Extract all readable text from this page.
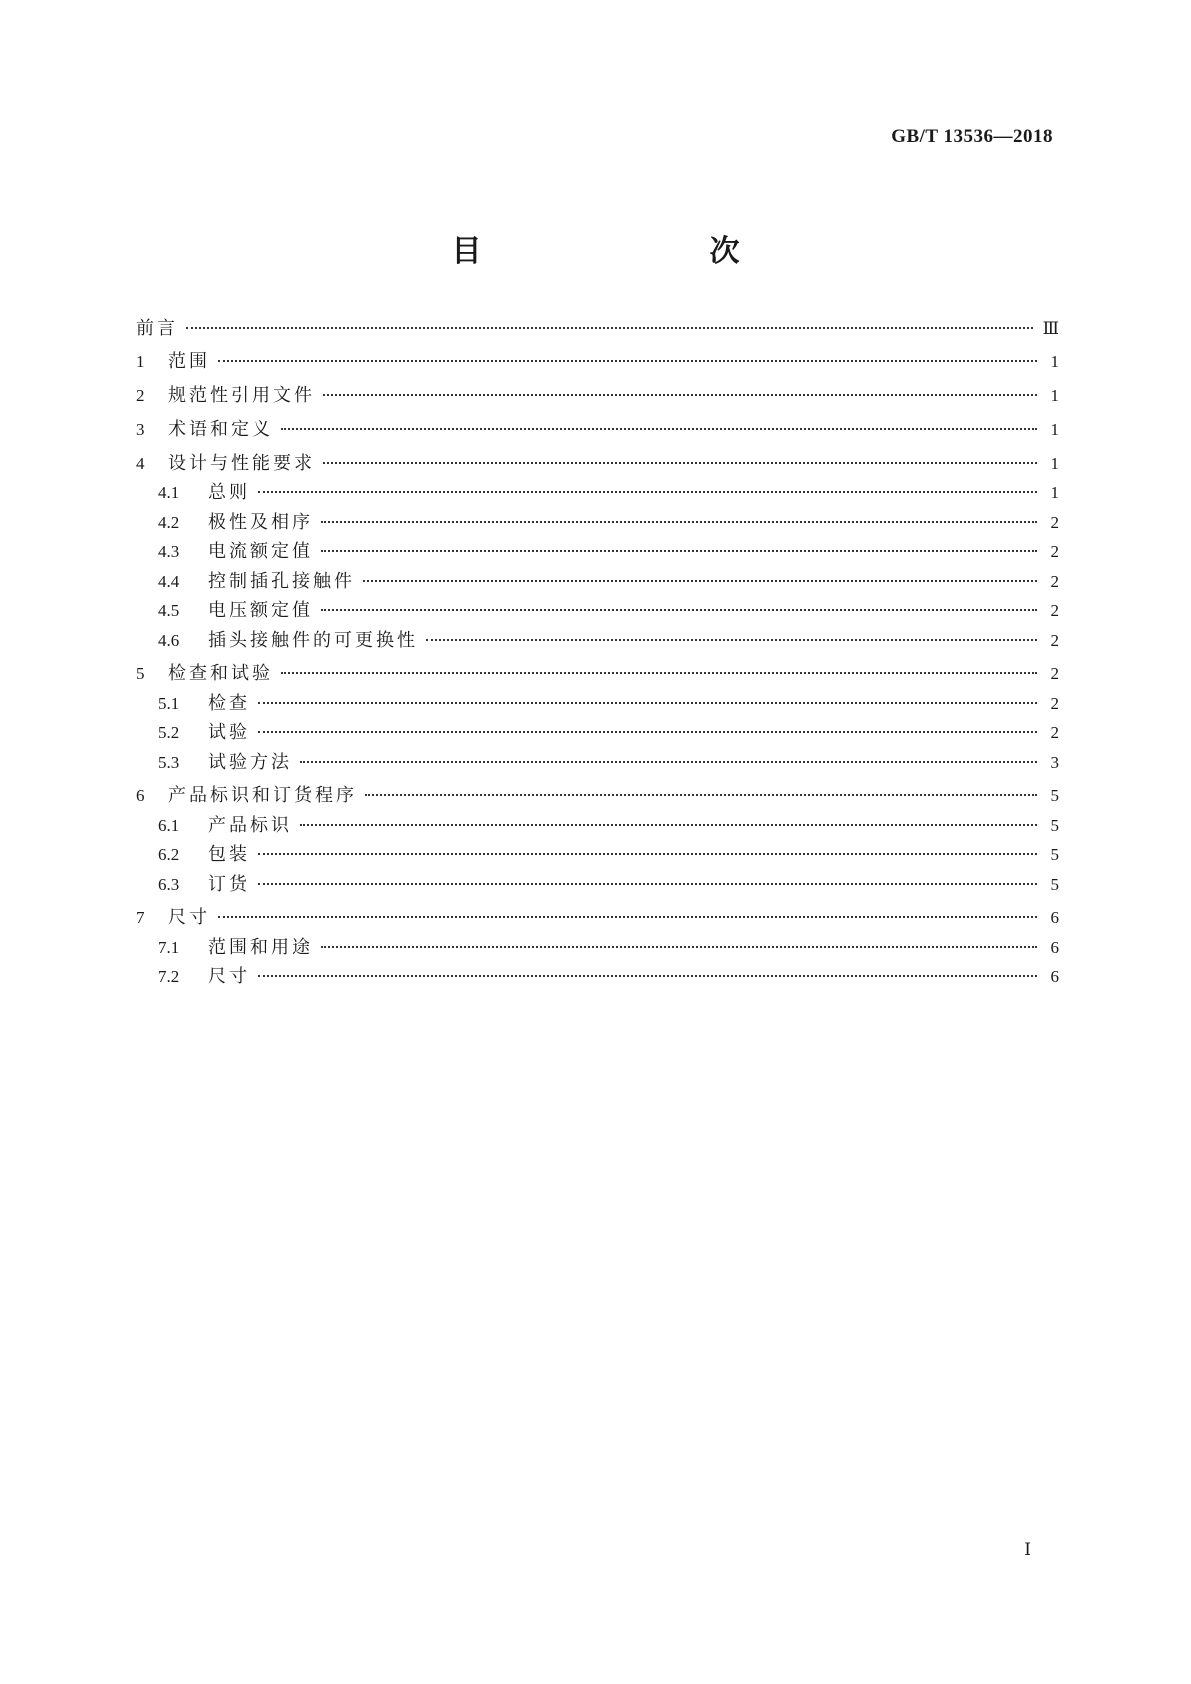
GB/T 13536—2018
目　　次
前言	Ⅲ
1	范围	1
2	规范性引用文件	1
3	术语和定义	1
4	设计与性能要求	1
4.1	总则	1
4.2	极性及相序	2
4.3	电流额定值	2
4.4	控制插孔接触件	2
4.5	电压额定值	2
4.6	插头接触件的可更换性	2
5	检查和试验	2
5.1	检查	2
5.2	试验	2
5.3	试验方法	3
6	产品标识和订货程序	5
6.1	产品标识	5
6.2	包装	5
6.3	订货	5
7	尺寸	6
7.1	范围和用途	6
7.2	尺寸	6
Ⅰ
